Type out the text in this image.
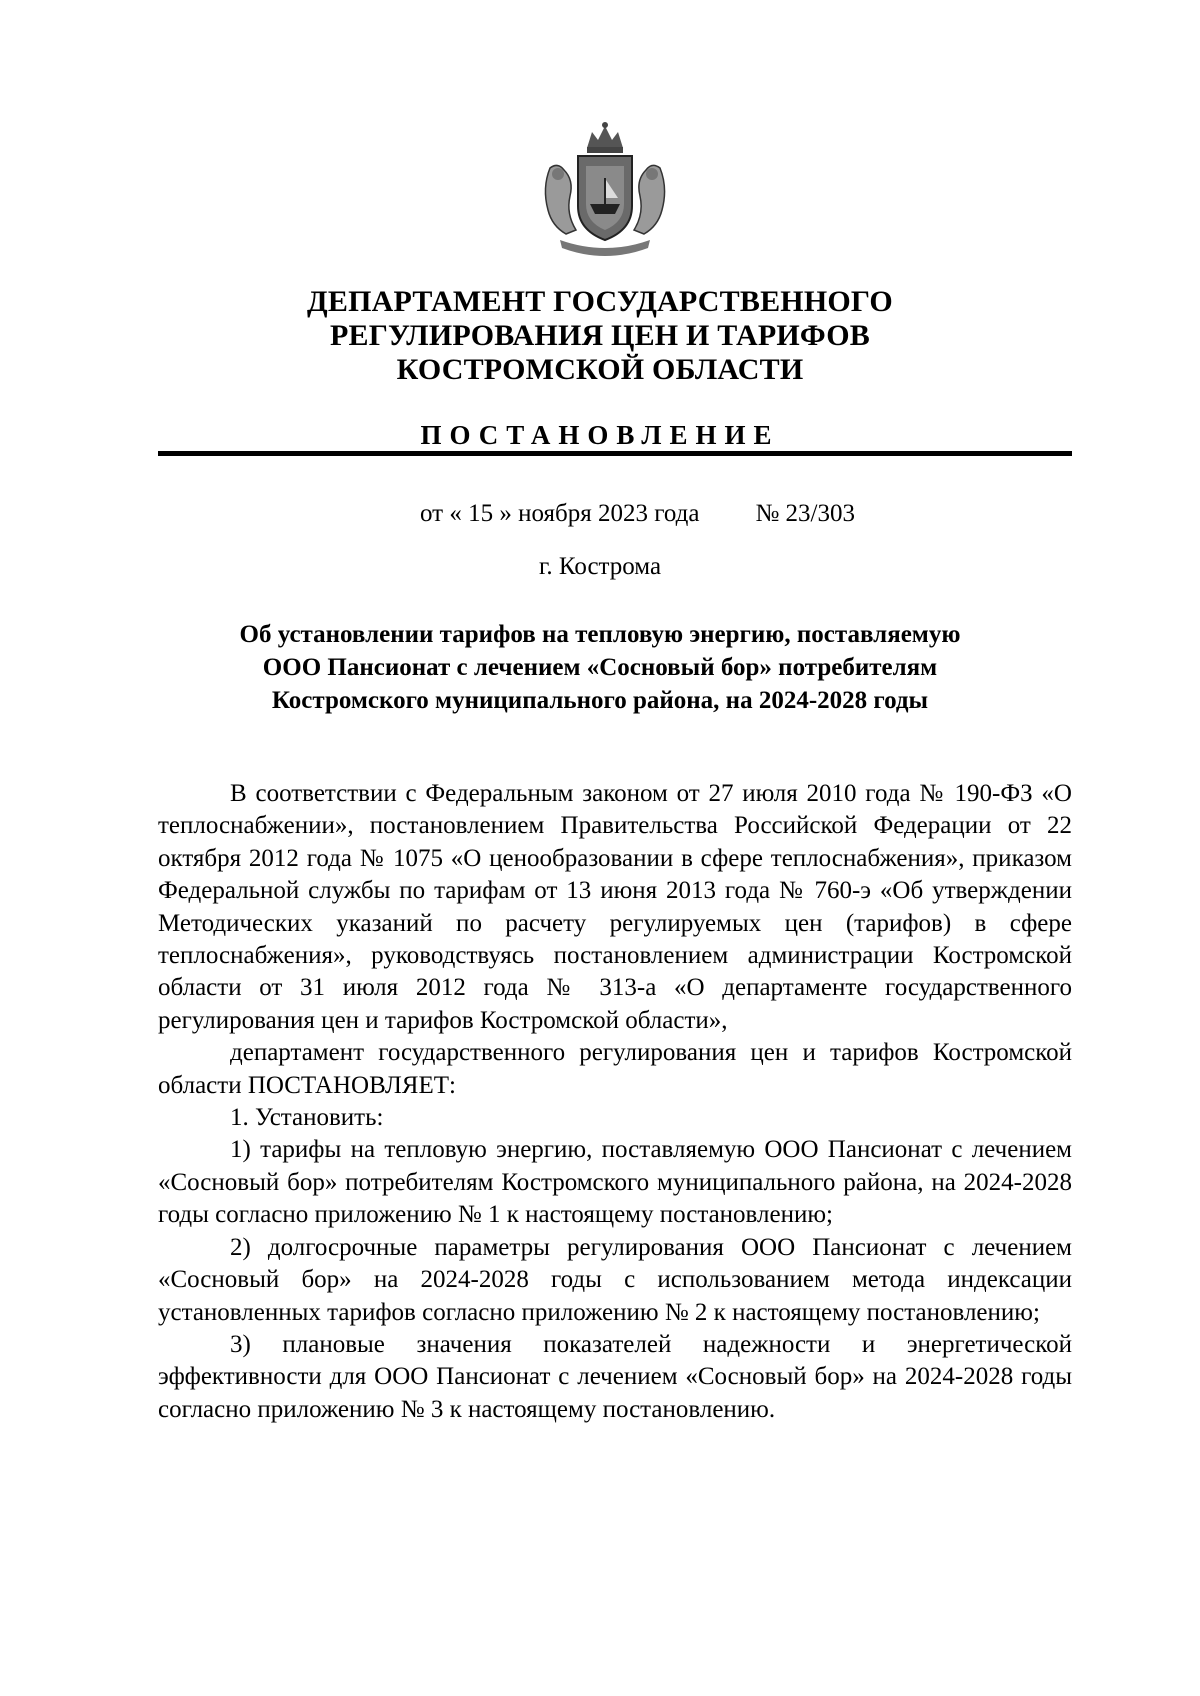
ДЕПАРТАМЕНТ ГОСУДАРСТВЕННОГО
РЕГУЛИРОВАНИЯ ЦЕН И ТАРИФОВ
КОСТРОМСКОЙ ОБЛАСТИ
ПОСТАНОВЛЕНИЕ
от « 15 » ноября 2023 года № 23/303
г. Кострома
Об установлении тарифов на тепловую энергию, поставляемую
ООО Пансионат с лечением «Сосновый бор» потребителям
Костромского муниципального района, на 2024-2028 годы

В соответствии с Федеральным законом от 27 июля 2010 года № 190-ФЗ «О теплоснабжении», постановлением Правительства Российской Федерации от 22 октября 2012 года № 1075 «О ценообразовании в сфере теплоснабжения», приказом Федеральной службы по тарифам от 13 июня 2013 года № 760-э «Об утверждении Методических указаний по расчету регулируемых цен (тарифов) в сфере теплоснабжения», руководствуясь постановлением администрации Костромской области от 31 июля 2012 года № 313-а «О департаменте государственного регулирования цен и тарифов Костромской области»,

департамент государственного регулирования цен и тарифов Костромской области ПОСТАНОВЛЯЕТ:

1. Установить:

1) тарифы на тепловую энергию, поставляемую ООО Пансионат с лечением «Сосновый бор» потребителям Костромского муниципального района, на 2024-2028 годы согласно приложению № 1 к настоящему постановлению;

2) долгосрочные параметры регулирования ООО Пансионат с лечением «Сосновый бор» на 2024-2028 годы с использованием метода индексации установленных тарифов согласно приложению № 2 к настоящему постановлению;

3) плановые значения показателей надежности и энергетической эффективности для ООО Пансионат с лечением «Сосновый бор» на 2024-2028 годы согласно приложению № 3 к настоящему постановлению.
